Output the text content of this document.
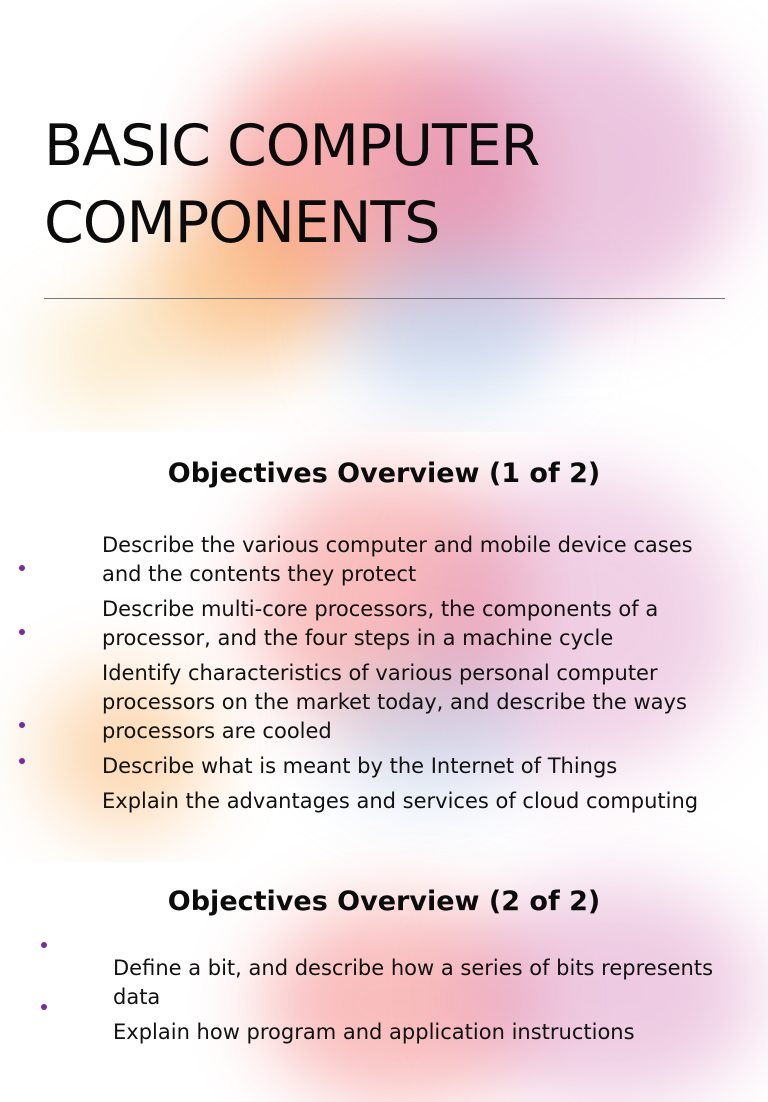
BASIC COMPUTER
COMPONENTS
Objectives Overview (1 of 2)
Describe the various computer and mobile device cases and the contents they protect
Describe multi-core processors, the components of a processor, and the four steps in a machine cycle
Identify characteristics of various personal computer processors on the market today, and describe the ways processors are cooled
Describe what is meant by the Internet of Things
Explain the advantages and services of cloud computing
Objectives Overview (2 of 2)
Define a bit, and describe how a series of bits represents data
Explain how program and application instructions
